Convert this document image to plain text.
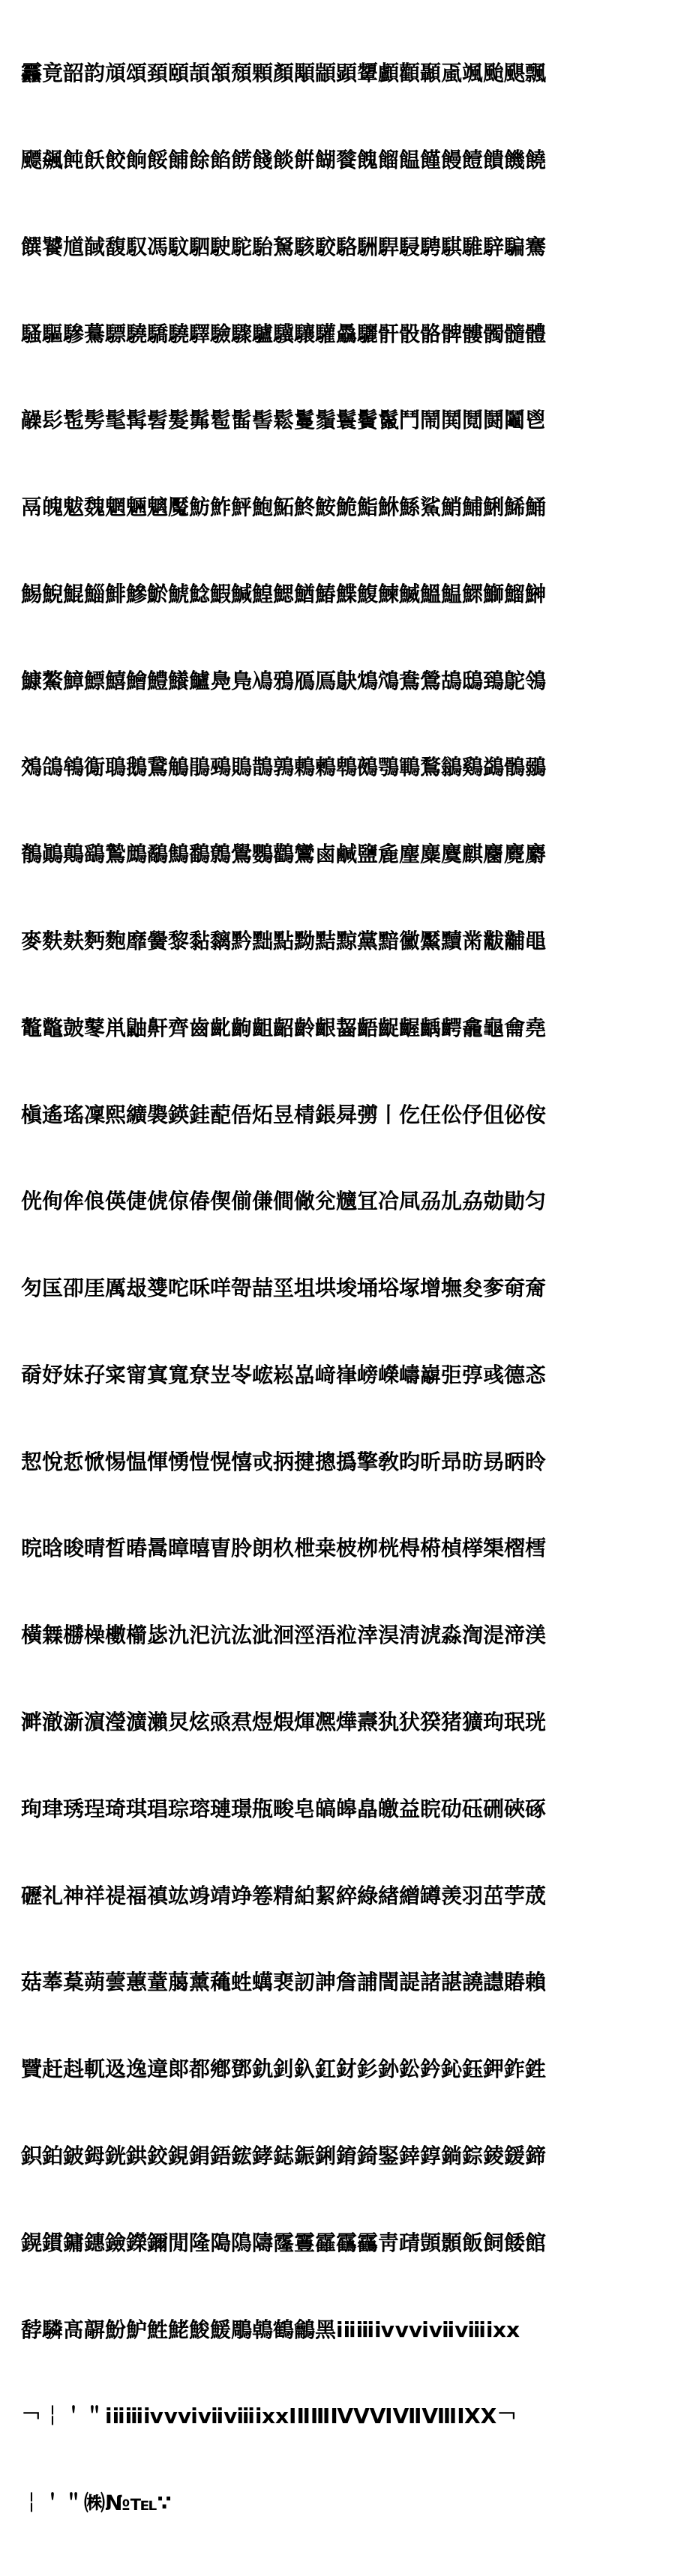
䨺竟韶韵頏頌頚頤頡頷頹顆顏顒顓顕顰顱顴顳颪颯颱颶飄

飃飆飩飫餃餉餒餔餘餡餝餞餤餠餬餮餽餾饂饉饅饐饋饑饒

饌饕馗馘馥馭馮馼駟駛駝駘駑駭駮駱駲駻駸騁騏騅騂騙騫

騷驅驂驀驃驍驕驍驛驗驟驢驥驤驩驫驪骭骰骼髀髏髑髓體

髞髟髢髣髦髯髫髮髴髱髷髻鬆鬘鬚鬟鬢鬣鬥鬧鬨鬩鬪鬮鬯

鬲魄魃魏魍魎魑魘魴鮓鮃鮑鮖鮗鮟鮠鮨鮴鯀鯊鮹鯆鯏鯑鯒

鯣鯢鯤鯔鯡鰺鯲鯱鯰鰕鰔鰉鰓鰌鰆鰈鰒鰊鰄鰮鰛鰥鰤鰡鰰

鱇鰲鱆鰾鱚鱠鱧鱶鱸鳧鳬鳰鴉鴈鳫鴃鴆鴪鴦鶯鴣鴟鵄鴕鴒

鵁鴿鴾鵆鵈鵝鵞鵤鵑鵐鵙鵲鶉鶇鶫鵯鵺鶚鶤鶩鶲鷄鷁鶻鶸

鶺鷆鷏鷂鷙鷓鷸鷦鷭鷯鷽鸚鸛鸞鹵鹹鹽麁麈麋麌麒麕麑麝

麥麩麸麪麭靡黌黎黏黐黔黜點黝黠黥黨黯黴黶黷黹黻黼黽

鼇鼈皷鼕鼡鼬鼾齊齒齔齣齟齠齡齦齧齬齪齷齲齶龕龜龠堯

槇遙瑤凜熙纊褜鍈銈蓜俉炻昱棈鋹曻彅丨仡仼伀伃伹佖侒

侊侚侔俍偀倢俿倞偆偰偂傔僴僘兊兤冝冾凬刕劜劦勀勛匀

匇匤卲厓厲叝﨎咜咊咩哿喆坙坥垬埈埇﨏塚增墲夋奓奛奝

奣妤妺孖寀甯寘寬尞岦岺峵崧嵓﨑嵂嵭嶸嶹巐弡弴彧德忞

恝悅悊惞惕愠惲愑愷愰憘戓抦揵摠撝擎敎昀昕昻昉昮昞昤

晥晗晙晴晳暙暠暲暿曺朎朗杦枻桒柀栁桄棏﨓楨﨔榘槢樰

橫橆橳橾櫢櫤毖氿汜沆汯泚洄涇浯涖涬淏淸淲淼渹湜渧渼

溿澈澵濵瀅瀇瀨炅炫焏焄煜煆煇凞燁燾犱犾猤猪獷玽珉珖

珣珒琇珵琦琪琩琮瑢璉璟甁畯皂皜皞皛皦益睆劯砡硎硤硺

礰礼神祥禔福禛竑竧靖竫箞精絈絜綷綠緖繒罇羡羽茁荢荿

菇菶葈蒴蕓蕙蕫﨟薰蘒﨡蠇裵訒訷詹誧誾諟諸諶譊譿賰賴

贒赶﨣軏﨤逸遧郞都鄕鄧釚釗釞釭釮釤釥鈆鈐鈊鈺鉀鈼鉎

鉙鉑鈹鉧銧鉷鉸鋧鋗鋙鋐﨧鋕鋠鋓錥錡鋻﨨錞鋿錝錂鍰鍗

鎤鏆鏞鏸鐱鑅鑈閒隆﨩隝隯霳霻靃靍靏靑靕顗顥飯飼餧館

馞驎髙髜魵魲鮏鮱鮻鰀鵰鵫鶴鸙黑ⅰⅱⅲⅳⅴⅵⅶⅷⅸⅹ

￢￤＇＂ⅰⅱⅲⅳⅴⅵⅶⅷⅸⅹⅠⅡⅢⅣⅤⅥⅦⅧⅨⅩ￢

￤＇＂㈱№℡∵
